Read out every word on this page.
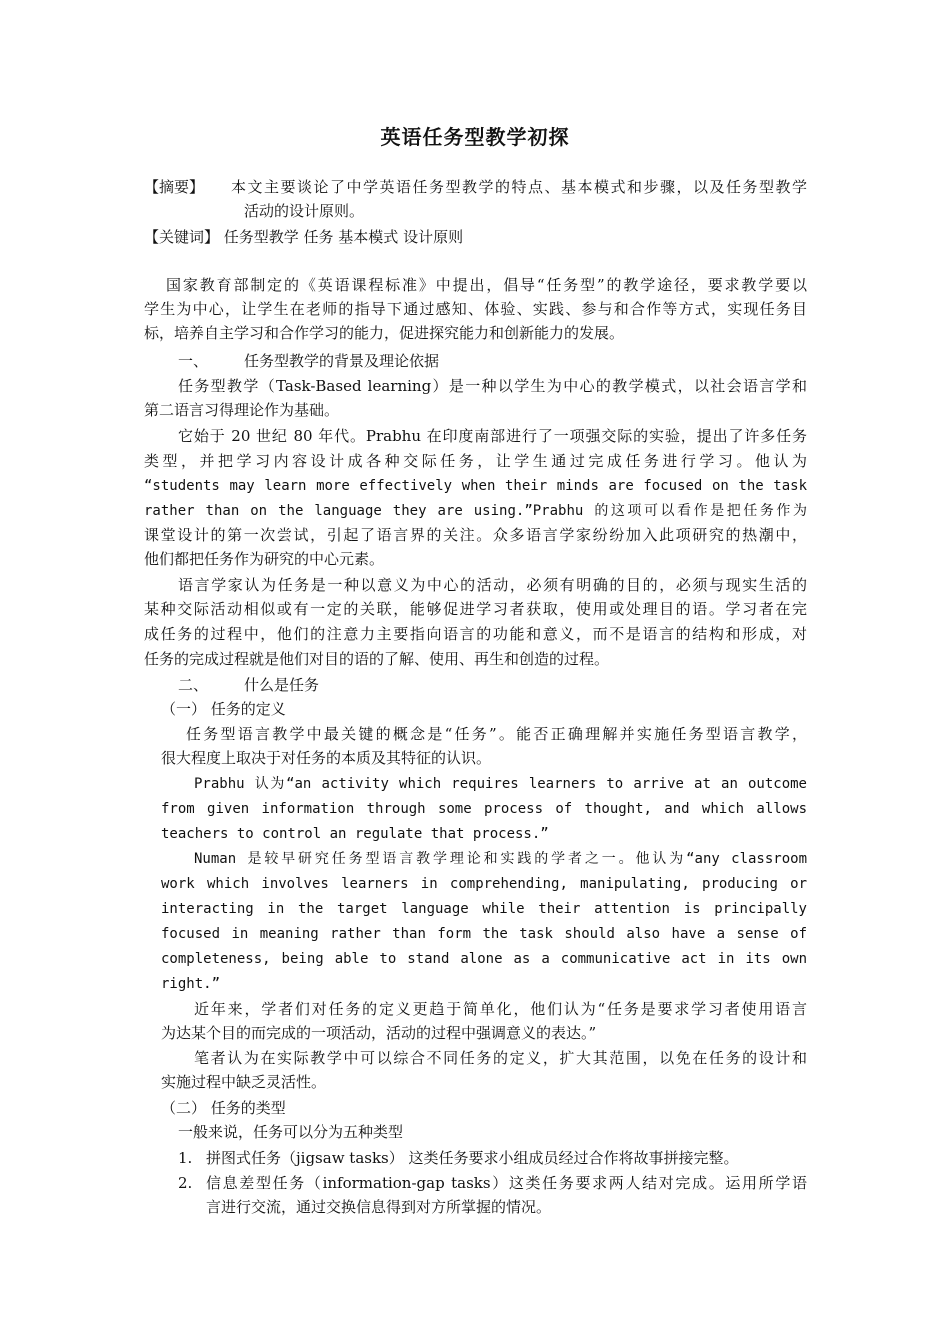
英语任务型教学初探
【摘要】 本文主要谈论了中学英语任务型教学的特点、基本模式和步骤，以及任务型教学
活动的设计原则。
【关键词】 任务型教学 任务 基本模式 设计原则
国家教育部制定的《英语课程标准》中提出，倡导“任务型”的教学途径，要求教学要以
学生为中心，让学生在老师的指导下通过感知、体验、实践、参与和合作等方式，实现任务目
标，培养自主学习和合作学习的能力，促进探究能力和创新能力的发展。
一、 任务型教学的背景及理论依据
任务型教学（Task-Based learning）是一种以学生为中心的教学模式，以社会语言学和
第二语言习得理论作为基础。
它始于 20 世纪 80 年代。Prabhu 在印度南部进行了一项强交际的实验，提出了许多任务
类型，并把学习内容设计成各种交际任务，让学生通过完成任务进行学习。他认为
“students may learn more effectively when their minds are focused on the task
rather than on the language they are using.”Prabhu 的这项可以看作是把任务作为
课堂设计的第一次尝试，引起了语言界的关注。众多语言学家纷纷加入此项研究的热潮中，
他们都把任务作为研究的中心元素。
语言学家认为任务是一种以意义为中心的活动，必须有明确的目的，必须与现实生活的
某种交际活动相似或有一定的关联，能够促进学习者获取，使用或处理目的语。学习者在完
成任务的过程中，他们的注意力主要指向语言的功能和意义，而不是语言的结构和形成，对
任务的完成过程就是他们对目的语的了解、使用、再生和创造的过程。
二、 什么是任务
（一） 任务的定义
任务型语言教学中最关键的概念是“任务”。能否正确理解并实施任务型语言教学，
很大程度上取决于对任务的本质及其特征的认识。
Prabhu 认为“an activity which requires learners to arrive at an outcome
from given information through some process of thought, and which allows
teachers to control an regulate that process.”
Numan 是较早研究任务型语言教学理论和实践的学者之一。他认为“any classroom
work which involves learners in comprehending, manipulating, producing or
interacting in the target language while their attention is principally
focused in meaning rather than form the task should also have a sense of
completeness, being able to stand alone as a communicative act in its own
right.”
近年来，学者们对任务的定义更趋于简单化，他们认为“任务是要求学习者使用语言
为达某个目的而完成的一项活动，活动的过程中强调意义的表达。”
笔者认为在实际教学中可以综合不同任务的定义，扩大其范围，以免在任务的设计和
实施过程中缺乏灵活性。
（二） 任务的类型
一般来说，任务可以分为五种类型
1. 拼图式任务（jigsaw tasks） 这类任务要求小组成员经过合作将故事拼接完整。
2. 信息差型任务（information-gap tasks）这类任务要求两人结对完成。运用所学语
言进行交流，通过交换信息得到对方所掌握的情况。
